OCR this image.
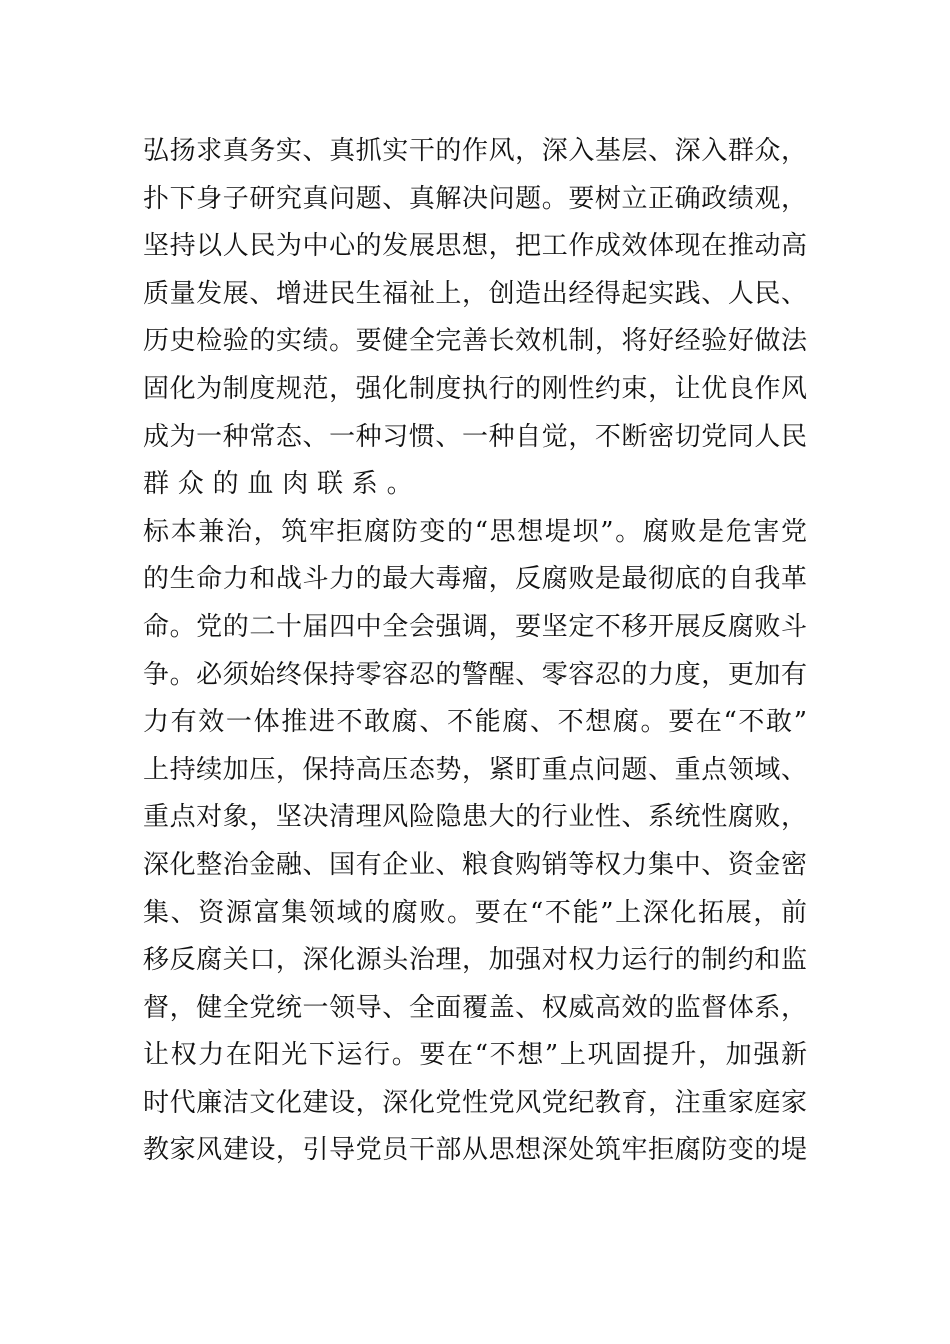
弘扬求真务实、真抓实干的作风，深入基层、深入群众，
扑下身子研究真问题、真解决问题。要树立正确政绩观，
坚持以人民为中心的发展思想，把工作成效体现在推动高
质量发展、增进民生福祉上，创造出经得起实践、人民、
历史检验的实绩。要健全完善长效机制，将好经验好做法
固化为制度规范，强化制度执行的刚性约束，让优良作风
成为一种常态、一种习惯、一种自觉，不断密切党同人民
群众的血肉联系。
标本兼治，筑牢拒腐防变的“思想堤坝”。腐败是危害党
的生命力和战斗力的最大毒瘤，反腐败是最彻底的自我革
命。党的二十届四中全会强调，要坚定不移开展反腐败斗
争。必须始终保持零容忍的警醒、零容忍的力度，更加有
力有效一体推进不敢腐、不能腐、不想腐。要在“不敢”
上持续加压，保持高压态势，紧盯重点问题、重点领域、
重点对象，坚决清理风险隐患大的行业性、系统性腐败，
深化整治金融、国有企业、粮食购销等权力集中、资金密
集、资源富集领域的腐败。要在“不能”上深化拓展，前
移反腐关口，深化源头治理，加强对权力运行的制约和监
督，健全党统一领导、全面覆盖、权威高效的监督体系，
让权力在阳光下运行。要在“不想”上巩固提升，加强新
时代廉洁文化建设，深化党性党风党纪教育，注重家庭家
教家风建设，引导党员干部从思想深处筑牢拒腐防变的堤
